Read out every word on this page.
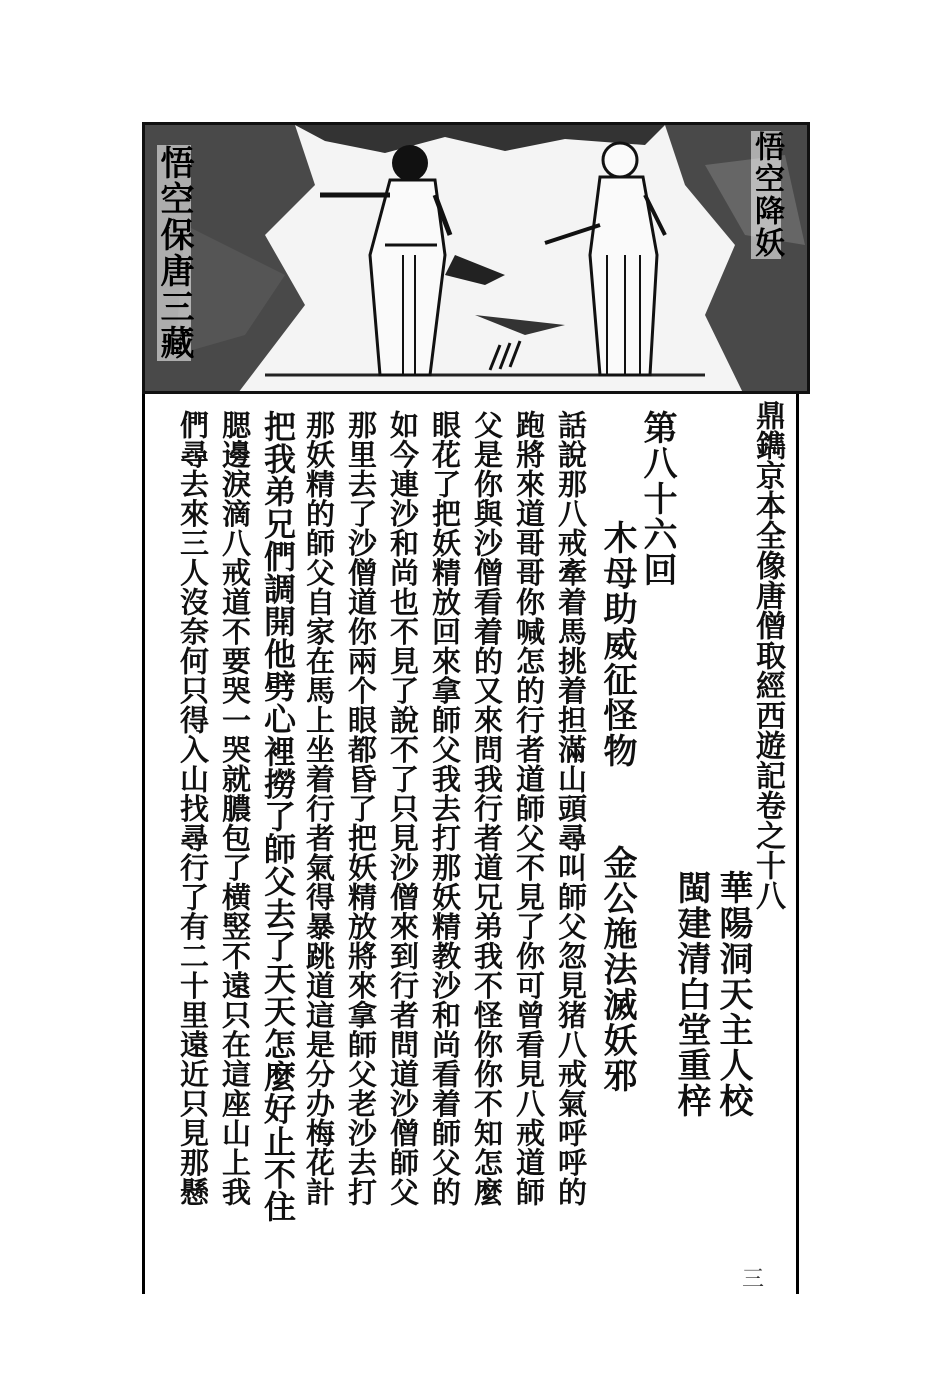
悟空保唐三藏	悟空降妖
鼎鐫京本全像唐僧取經西遊記卷之十八
華陽洞天主人校
閩建清白堂重梓
第八十六回
木母助威征怪物
金公施法滅妖邪
話說那八戒牽着馬挑着担滿山頭尋叫師父忽見猪八戒氣呼呼的
跑將來道哥哥你喊怎的行者道師父不見了你可曾看見八戒道師
父是你與沙僧看着的又來問我行者道兄弟我不怪你你不知怎麼
眼花了把妖精放回來拿師父我去打那妖精教沙和尚看着師父的
如今連沙和尚也不見了說不了只見沙僧來到行者問道沙僧師父
那里去了沙僧道你兩个眼都昏了把妖精放將來拿師父老沙去打
那妖精的師父自家在馬上坐着行者氣得暴跳道這是分办梅花計
把我弟兄們調開他劈心裡撈了師父去了天天怎麼好止不住
腮邊淚滴八戒道不要哭一哭就膿包了横竪不遠只在這座山上我
們尋去來三人沒奈何只得入山找尋行了有二十里遠近只見那懸
三
